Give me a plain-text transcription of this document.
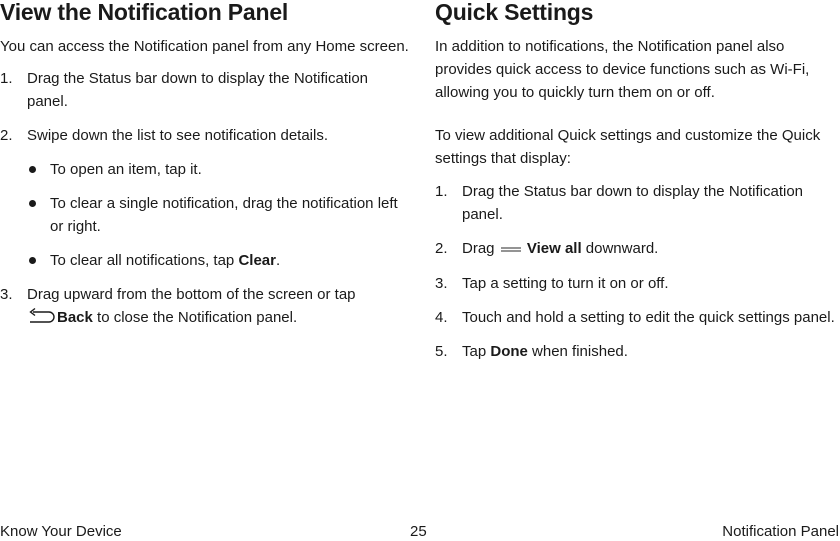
View the Notification Panel

You can access the Notification panel from any Home screen.

1. Drag the Status bar down to display the Notification panel.
2. Swipe down the list to see notification details.
To open an item, tap it.
To clear a single notification, drag the notification left or right.
To clear all notifications, tap Clear.
3. Drag upward from the bottom of the screen or tap
Back to close the Notification panel.
Quick Settings

In addition to notifications, the Notification panel also provides quick access to device functions such as Wi-Fi, allowing you to quickly turn them on or off.

To view additional Quick settings and customize the Quick settings that display:

1. Drag the Status bar down to display the Notification panel.
2. Drag  View all downward.
3. Tap a setting to turn it on or off.
4. Touch and hold a setting to edit the quick settings panel.
5. Tap Done when finished.
Know Your Device	25	Notification Panel
